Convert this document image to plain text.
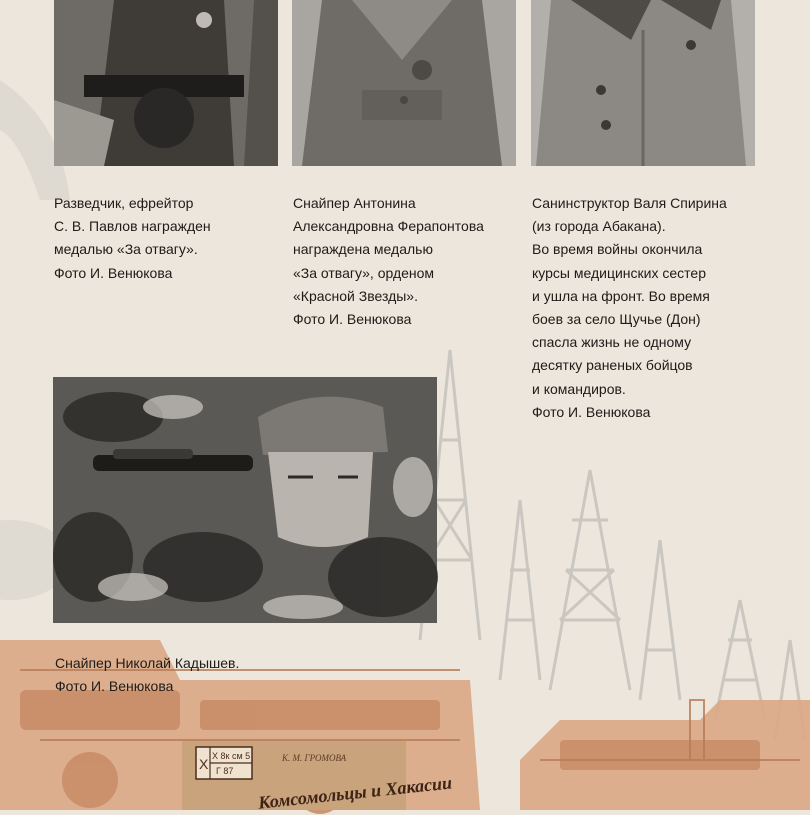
Разведчик, ефрейтор
С. В. Павлов награжден
медалью «За отвагу».
Фото И. Венюкова
Снайпер Антонина
Александровна Ферапонтова
награждена медалью
«За отвагу», орденом
«Красной Звезды».
Фото И. Венюкова
Санинструктор Валя Спирина
(из города Абакана).
Во время войны окончила
курсы медицинских сестер
и ушла на фронт. Во время
боев за село Щучье (Дон)
спасла жизнь не одному
десятку раненых бойцов
и командиров.
Фото И. Венюкова
Снайпер Николай Кадышев.
Фото И. Венюкова
Х Х 8к см 5
Г 87
К. М. ГРОМОВА
Комсомольцы и Хакасии
